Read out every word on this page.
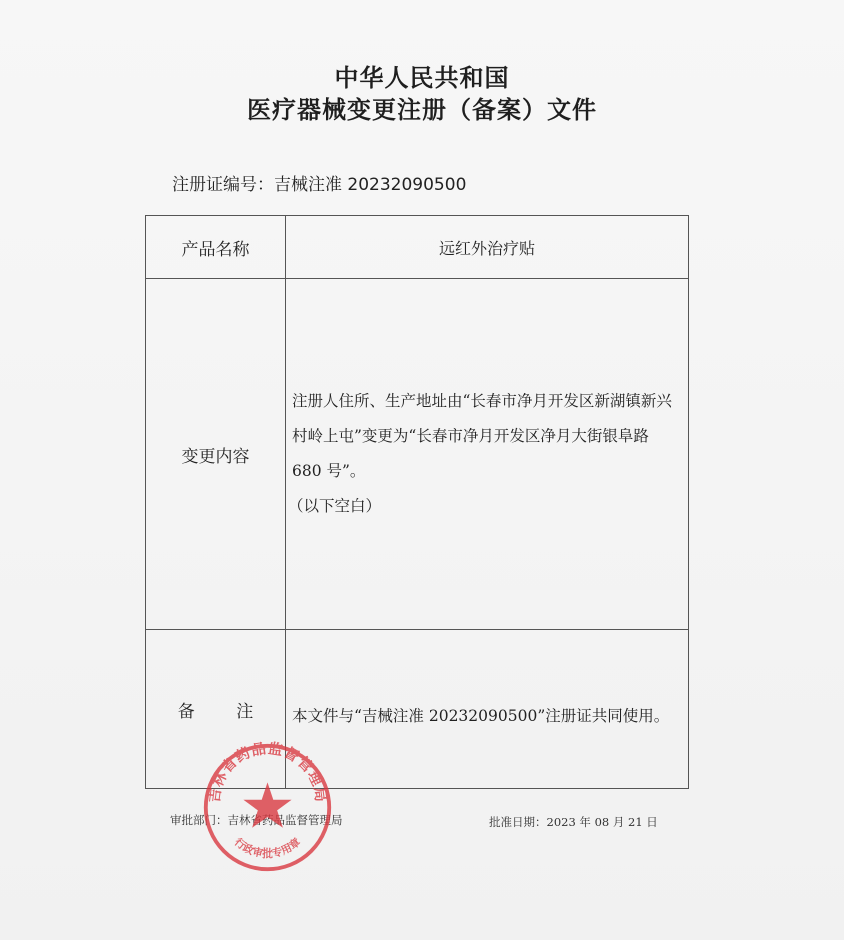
中华人民共和国
医疗器械变更注册（备案）文件
注册证编号：吉械注准 20232090500
产品名称	远红外治疗贴
变更内容	注册人住所、生产地址由“长春市净月开发区新湖镇新兴村岭上屯”变更为“长春市净月开发区净月大街银阜路 680 号”。
（以下空白）

备 注	本文件与“吉械注准 20232090500”注册证共同使用。
审批部门：吉林省药品监督管理局	批准日期：2023 年 08 月 21 日
吉林省药品监督管理局
行政审批专用章
